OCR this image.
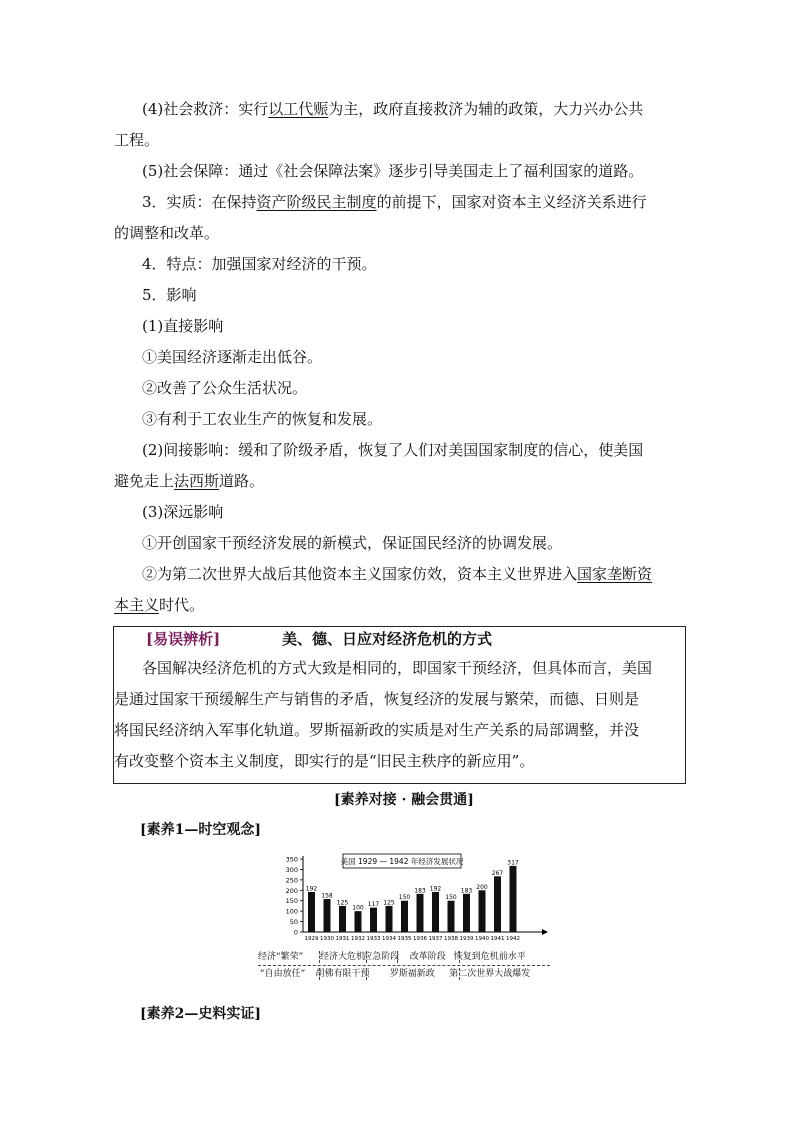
(4)社会救济：实行以工代赈为主，政府直接救济为辅的政策，大力兴办公共
工程。
(5)社会保障：通过《社会保障法案》逐步引导美国走上了福利国家的道路。
3．实质：在保持资产阶级民主制度的前提下，国家对资本主义经济关系进行
的调整和改革。
4．特点：加强国家对经济的干预。
5．影响
(1)直接影响
①美国经济逐渐走出低谷。
②改善了公众生活状况。
③有利于工农业生产的恢复和发展。
(2)间接影响：缓和了阶级矛盾，恢复了人们对美国国家制度的信心，使美国
避免走上法西斯道路。
(3)深远影响
①开创国家干预经济发展的新模式，保证国民经济的协调发展。
②为第二次世界大战后其他资本主义国家仿效，资本主义世界进入国家垄断资
本主义时代。
[易误辨析]	美、德、日应对经济危机的方式
各国解决经济危机的方式大致是相同的，即国家干预经济，但具体而言，美国
是通过国家干预缓解生产与销售的矛盾，恢复经济的发展与繁荣，而德、日则是
将国民经济纳入军事化轨道。罗斯福新政的实质是对生产关系的局部调整，并没
有改变整个资本主义制度，即实行的是“旧民主秩序的新应用”。
[素养对接 · 融会贯通]
[素养1—时空观念]
0
50
100
150
200
250
300
350	美国 1929 — 1942 年经济发展状况
192
1929
158
1930
125
1931
100
1932
117
1933
125
1934
150
1935
183
1936
192
1937
150
1938
183
1939
200
1940
267
1941
317
1942
经济“繁荣” 经济大危机
应急阶段 改革阶段 恢复到危机前水平
“自由放任” 胡佛有限干预 罗斯福新政 第二次世界大战爆发
[素养2—史料实证]
